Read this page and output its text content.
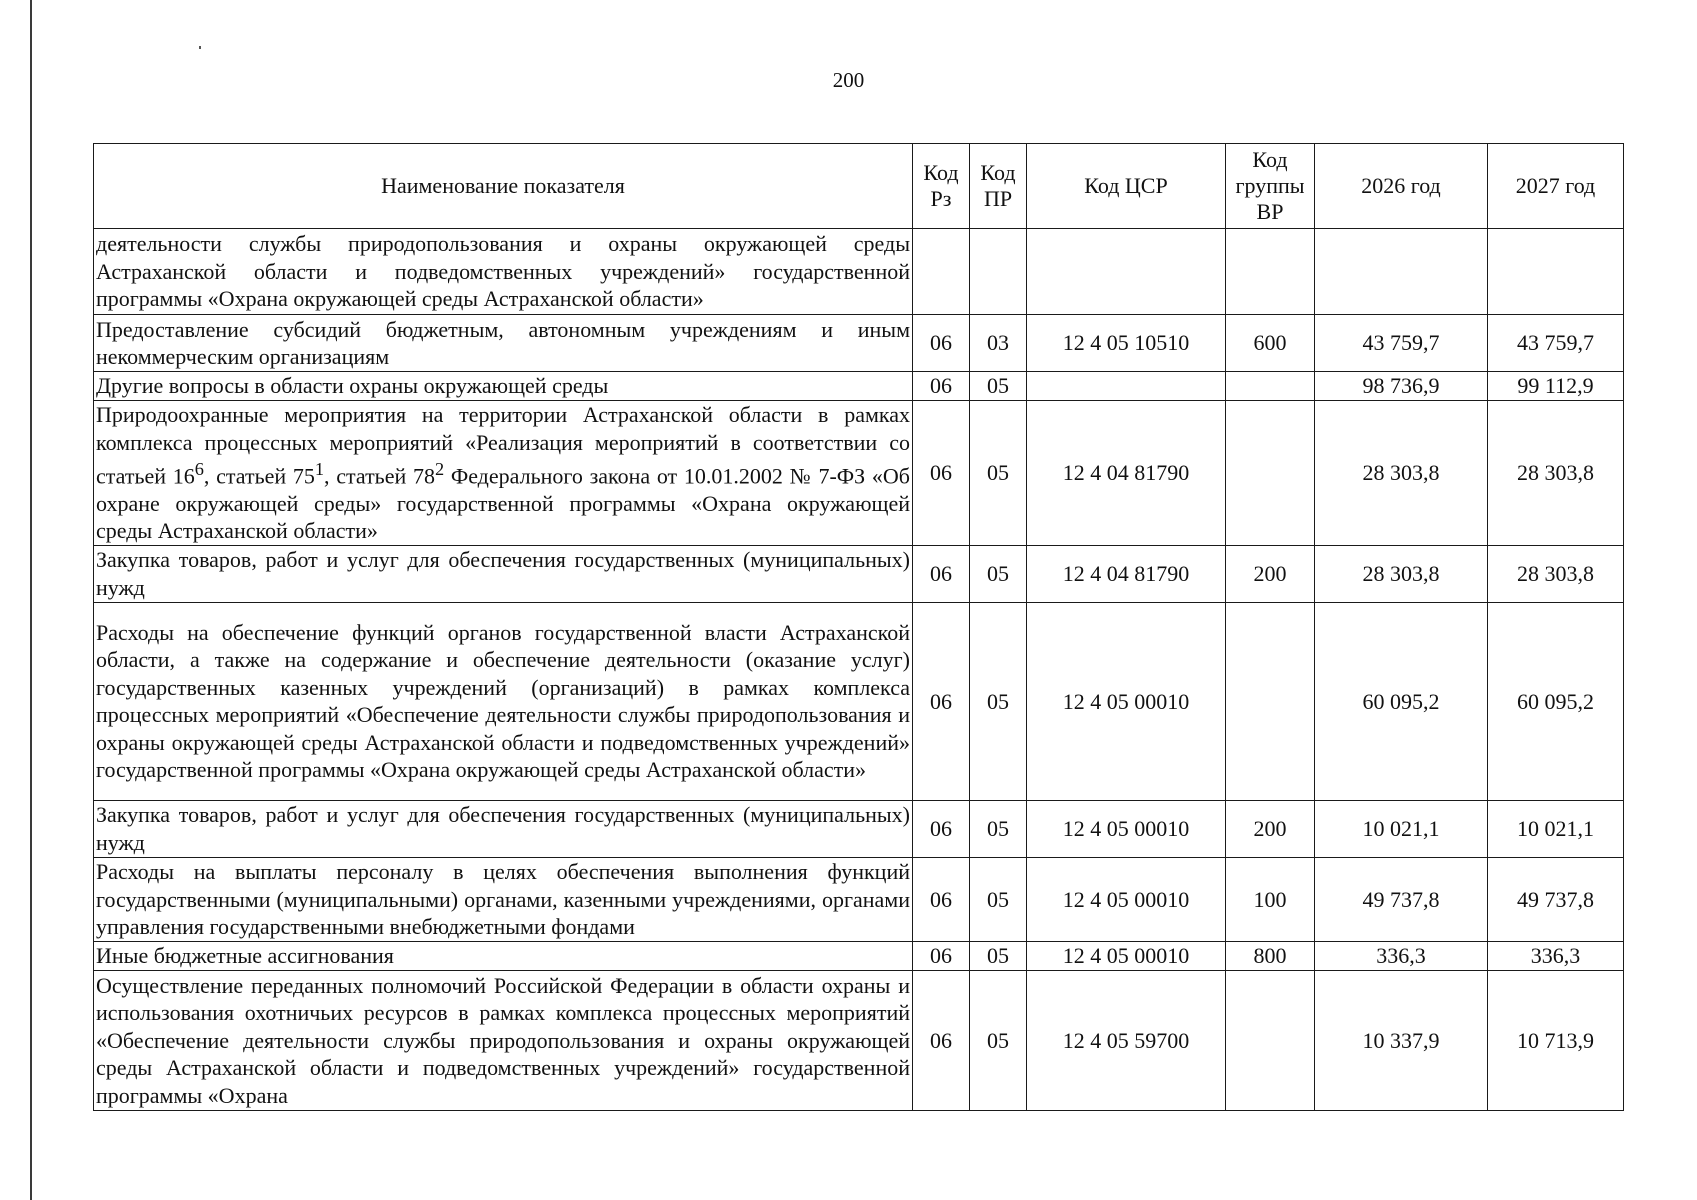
200
Наименование показателя	Код Рз	Код ПР	Код ЦСР	Код группы ВР	2026 год	2027 год
деятельности службы природопользования и охраны окружающей среды Астраханской области и подведомственных учреждений» государственной программы «Охрана окружающей среды Астраханской области»						
Предоставление субсидий бюджетным, автономным учреждениям и иным некоммерческим организациям	06	03	12 4 05 10510	600	43 759,7	43 759,7
Другие вопросы в области охраны окружающей среды	06	05			98 736,9	99 112,9
Природоохранные мероприятия на территории Астраханской области в рамках комплекса процессных мероприятий «Реализация мероприятий в соответствии со статьей $16^6$, статьей $75^1$, статьей $78^2$ Федерального закона от 10.01.2002 № 7-ФЗ «Об охране окружающей среды» государственной программы «Охрана окружающей среды Астраханской области»	06	05	12 4 04 81790		28 303,8	28 303,8
Закупка товаров, работ и услуг для обеспечения государственных (муниципальных) нужд	06	05	12 4 04 81790	200	28 303,8	28 303,8
Расходы на обеспечение функций органов государственной власти Астраханской области, а также на содержание и обеспечение деятельности (оказание услуг) государственных казенных учреждений (организаций) в рамках комплекса процессных мероприятий «Обеспечение деятельности службы природопользования и охраны окружающей среды Астраханской области и подведомственных учреждений» государственной программы «Охрана окружающей среды Астраханской области»	06	05	12 4 05 00010		60 095,2	60 095,2
Закупка товаров, работ и услуг для обеспечения государственных (муниципальных) нужд	06	05	12 4 05 00010	200	10 021,1	10 021,1
Расходы на выплаты персоналу в целях обеспечения выполнения функций государственными (муниципальными) органами, казенными учреждениями, органами управления государственными внебюджетными фондами	06	05	12 4 05 00010	100	49 737,8	49 737,8
Иные бюджетные ассигнования	06	05	12 4 05 00010	800	336,3	336,3
Осуществление переданных полномочий Российской Федерации в области охраны и использования охотничьих ресурсов в рамках комплекса процессных мероприятий «Обеспечение деятельности службы природопользования и охраны окружающей среды Астраханской области и подведомственных учреждений» государственной программы «Охрана	06	05	12 4 05 59700		10 337,9	10 713,9
